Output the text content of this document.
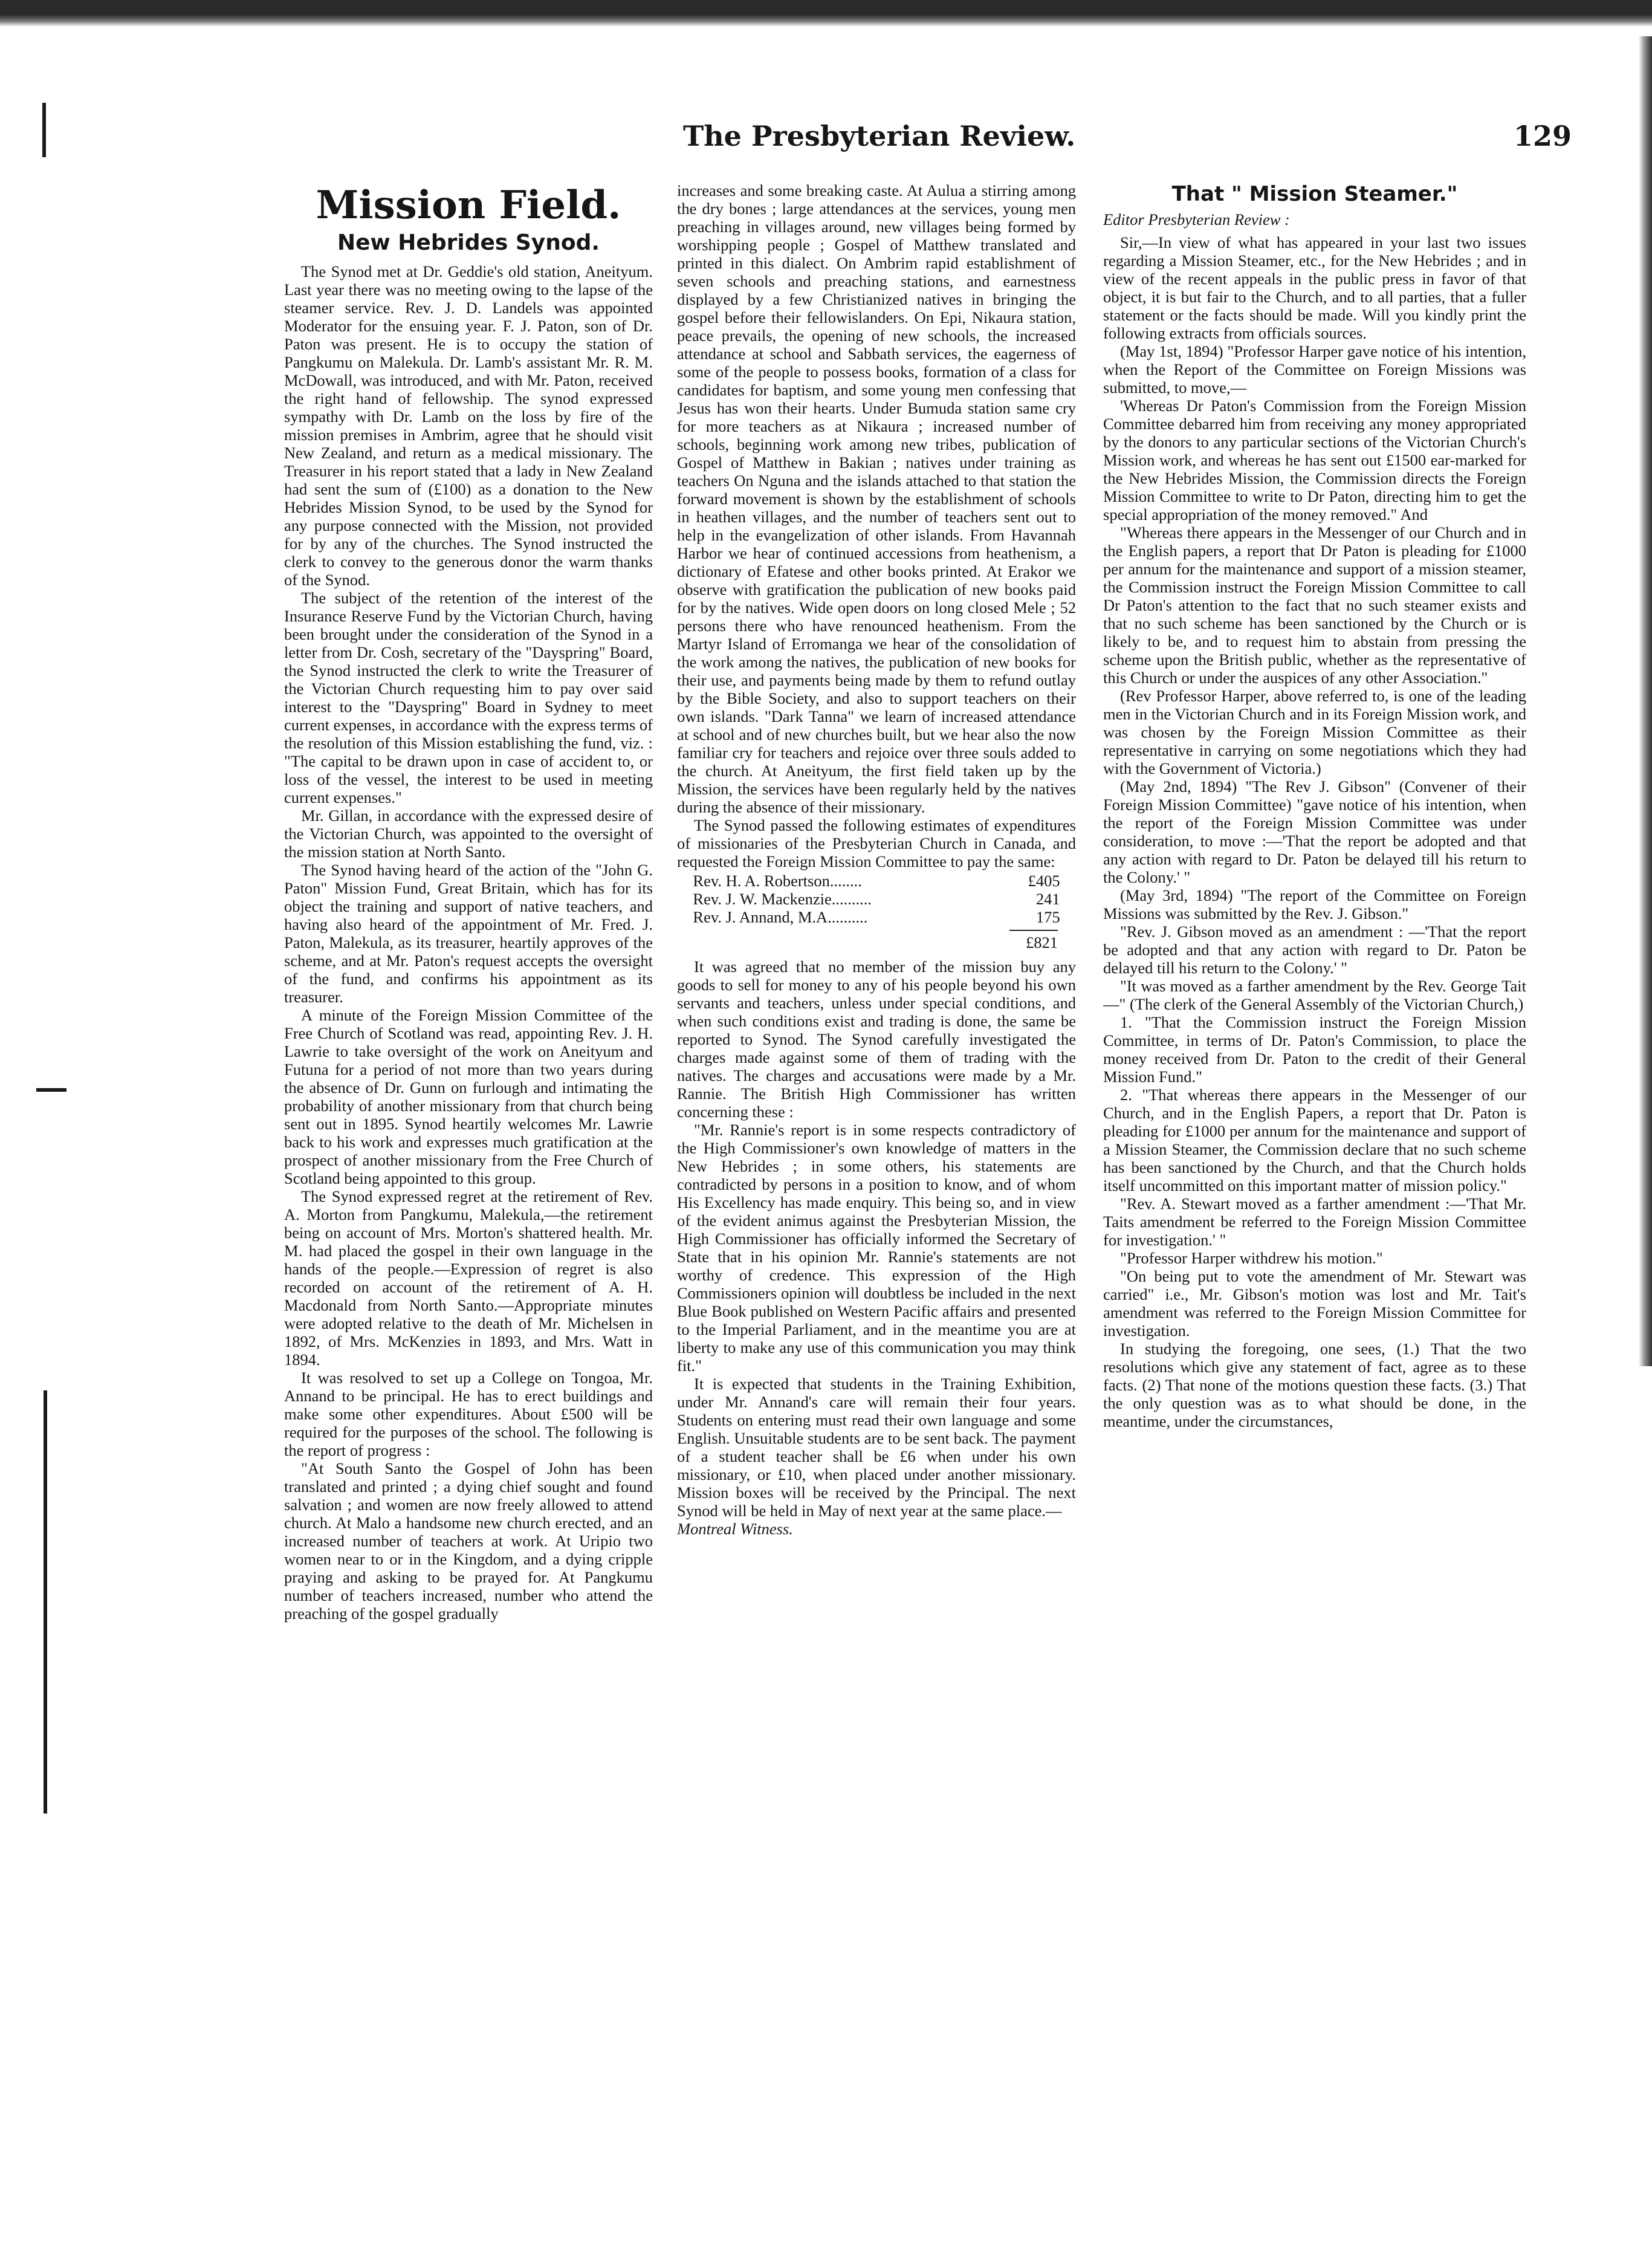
The Presbyterian Review.	129
Mission Field.
New Hebrides Synod.

The Synod met at Dr. Geddie's old station, Aneityum. Last year there was no meeting owing to the lapse of the steamer service. Rev. J. D. Landels was appointed Moderator for the ensuing year. F. J. Paton, son of Dr. Paton was present. He is to occupy the station of Pangkumu on Malekula. Dr. Lamb's assistant Mr. R. M. McDowall, was introduced, and with Mr. Paton, received the right hand of fellowship. The synod expressed sympathy with Dr. Lamb on the loss by fire of the mission premises in Ambrim, agree that he should visit New Zealand, and return as a medical missionary. The Treasurer in his report stated that a lady in New Zealand had sent the sum of (£100) as a donation to the New Hebrides Mission Synod, to be used by the Synod for any purpose connected with the Mission, not provided for by any of the churches. The Synod instructed the clerk to convey to the generous donor the warm thanks of the Synod.

The subject of the retention of the interest of the Insurance Reserve Fund by the Victorian Church, having been brought under the consideration of the Synod in a letter from Dr. Cosh, secretary of the "Dayspring" Board, the Synod instructed the clerk to write the Treasurer of the Victorian Church requesting him to pay over said interest to the "Dayspring" Board in Sydney to meet current expenses, in accordance with the express terms of the resolution of this Mission establishing the fund, viz. : "The capital to be drawn upon in case of accident to, or loss of the vessel, the interest to be used in meeting current expenses."

Mr. Gillan, in accordance with the expressed desire of the Victorian Church, was appointed to the oversight of the mission station at North Santo.

The Synod having heard of the action of the "John G. Paton" Mission Fund, Great Britain, which has for its object the training and support of native teachers, and having also heard of the appointment of Mr. Fred. J. Paton, Malekula, as its treasurer, heartily approves of the scheme, and at Mr. Paton's request accepts the oversight of the fund, and confirms his appointment as its treasurer.

A minute of the Foreign Mission Committee of the Free Church of Scotland was read, appointing Rev. J. H. Lawrie to take oversight of the work on Aneityum and Futuna for a period of not more than two years during the absence of Dr. Gunn on furlough and intimating the probability of another missionary from that church being sent out in 1895. Synod heartily welcomes Mr. Lawrie back to his work and expresses much gratification at the prospect of another missionary from the Free Church of Scotland being appointed to this group.

The Synod expressed regret at the retirement of Rev. A. Morton from Pangkumu, Malekula,—the retirement being on account of Mrs. Morton's shattered health. Mr. M. had placed the gospel in their own language in the hands of the people.—Expression of regret is also recorded on account of the retirement of A. H. Macdonald from North Santo.—Appropriate minutes were adopted relative to the death of Mr. Michelsen in 1892, of Mrs. McKenzies in 1893, and Mrs. Watt in 1894.

It was resolved to set up a College on Tongoa, Mr. Annand to be principal. He has to erect buildings and make some other expenditures. About £500 will be required for the purposes of the school. The following is the report of progress :

"At South Santo the Gospel of John has been translated and printed ; a dying chief sought and found salvation ; and women are now freely allowed to attend church. At Malo a handsome new church erected, and an increased number of teachers at work. At Uripio two women near to or in the Kingdom, and a dying cripple praying and asking to be prayed for. At Pangkumu number of teachers increased, number who attend the preaching of the gospel gradually

increases and some breaking caste. At Aulua a stirring among the dry bones ; large attendances at the services, young men preaching in villages around, new villages being formed by worshipping people ; Gospel of Matthew translated and printed in this dialect. On Ambrim rapid establishment of seven schools and preaching stations, and earnestness displayed by a few Christianized natives in bringing the gospel before their fellowislanders. On Epi, Nikaura station, peace prevails, the opening of new schools, the increased attendance at school and Sabbath services, the eagerness of some of the people to possess books, formation of a class for candidates for baptism, and some young men confessing that Jesus has won their hearts. Under Bumuda station same cry for more teachers as at Nikaura ; increased number of schools, beginning work among new tribes, publication of Gospel of Matthew in Bakian ; natives under training as teachers On Nguna and the islands attached to that station the forward movement is shown by the establishment of schools in heathen villages, and the number of teachers sent out to help in the evangelization of other islands. From Havannah Harbor we hear of continued accessions from heathenism, a dictionary of Efatese and other books printed. At Erakor we observe with gratification the publication of new books paid for by the natives. Wide open doors on long closed Mele ; 52 persons there who have renounced heathenism. From the Martyr Island of Erromanga we hear of the consolidation of the work among the natives, the publication of new books for their use, and payments being made by them to refund outlay by the Bible Society, and also to support teachers on their own islands. "Dark Tanna" we learn of increased attendance at school and of new churches built, but we hear also the now familiar cry for teachers and rejoice over three souls added to the church. At Aneityum, the first field taken up by the Mission, the services have been regularly held by the natives during the absence of their missionary.

The Synod passed the following estimates of expenditures of missionaries of the Presbyterian Church in Canada, and requested the Foreign Mission Committee to pay the same:

Rev. H. A. Robertson........	£405
Rev. J. W. Mackenzie..........	241
Rev. J. Annand, M.A..........	175
£821

It was agreed that no member of the mission buy any goods to sell for money to any of his people beyond his own servants and teachers, unless under special conditions, and when such conditions exist and trading is done, the same be reported to Synod. The Synod carefully investigated the charges made against some of them of trading with the natives. The charges and accusations were made by a Mr. Rannie. The British High Commissioner has written concerning these :

"Mr. Rannie's report is in some respects contradictory of the High Commissioner's own knowledge of matters in the New Hebrides ; in some others, his statements are contradicted by persons in a position to know, and of whom His Excellency has made enquiry. This being so, and in view of the evident animus against the Presbyterian Mission, the High Commissioner has officially informed the Secretary of State that in his opinion Mr. Rannie's statements are not worthy of credence. This expression of the High Commissioners opinion will doubtless be included in the next Blue Book published on Western Pacific affairs and presented to the Imperial Parliament, and in the meantime you are at liberty to make any use of this communication you may think fit."

It is expected that students in the Training Exhibition, under Mr. Annand's care will remain their four years. Students on entering must read their own language and some English. Unsuitable students are to be sent back. The payment of a student teacher shall be £6 when under his own missionary, or £10, when placed under another missionary. Mission boxes will be received by the Principal. The next Synod will be held in May of next year at the same place.—

Montreal Witness.

That " Mission Steamer."

Editor Presbyterian Review :

Sir,—In view of what has appeared in your last two issues regarding a Mission Steamer, etc., for the New Hebrides ; and in view of the recent appeals in the public press in favor of that object, it is but fair to the Church, and to all parties, that a fuller statement or the facts should be made. Will you kindly print the following extracts from officials sources.

(May 1st, 1894) "Professor Harper gave notice of his intention, when the Report of the Committee on Foreign Missions was submitted, to move,—

'Whereas Dr Paton's Commission from the Foreign Mission Committee debarred him from receiving any money appropriated by the donors to any particular sections of the Victorian Church's Mission work, and whereas he has sent out £1500 ear-marked for the New Hebrides Mission, the Commission directs the Foreign Mission Committee to write to Dr Paton, directing him to get the special appropriation of the money removed." And

"Whereas there appears in the Messenger of our Church and in the English papers, a report that Dr Paton is pleading for £1000 per annum for the maintenance and support of a mission steamer, the Commission instruct the Foreign Mission Committee to call Dr Paton's attention to the fact that no such steamer exists and that no such scheme has been sanctioned by the Church or is likely to be, and to request him to abstain from pressing the scheme upon the British public, whether as the representative of this Church or under the auspices of any other Association."

(Rev Professor Harper, above referred to, is one of the leading men in the Victorian Church and in its Foreign Mission work, and was chosen by the Foreign Mission Committee as their representative in carrying on some negotiations which they had with the Government of Victoria.)

(May 2nd, 1894) "The Rev J. Gibson" (Convener of their Foreign Mission Committee) "gave notice of his intention, when the report of the Foreign Mission Committee was under consideration, to move :—'That the report be adopted and that any action with regard to Dr. Paton be delayed till his return to the Colony.' "

(May 3rd, 1894) "The report of the Committee on Foreign Missions was submitted by the Rev. J. Gibson."

"Rev. J. Gibson moved as an amendment : —'That the report be adopted and that any action with regard to Dr. Paton be delayed till his return to the Colony.' "

"It was moved as a farther amendment by the Rev. George Tait—" (The clerk of the General Assembly of the Victorian Church,)

1. "That the Commission instruct the Foreign Mission Committee, in terms of Dr. Paton's Commission, to place the money received from Dr. Paton to the credit of their General Mission Fund."

2. "That whereas there appears in the Messenger of our Church, and in the English Papers, a report that Dr. Paton is pleading for £1000 per annum for the maintenance and support of a Mission Steamer, the Commission declare that no such scheme has been sanctioned by the Church, and that the Church holds itself uncommitted on this important matter of mission policy."

"Rev. A. Stewart moved as a farther amendment :—'That Mr. Taits amendment be referred to the Foreign Mission Committee for investigation.' "

"Professor Harper withdrew his motion."

"On being put to vote the amendment of Mr. Stewart was carried" i.e., Mr. Gibson's motion was lost and Mr. Tait's amendment was referred to the Foreign Mission Committee for investigation.

In studying the foregoing, one sees, (1.) That the two resolutions which give any statement of fact, agree as to these facts. (2) That none of the motions question these facts. (3.) That the only question was as to what should be done, in the meantime, under the circumstances,
